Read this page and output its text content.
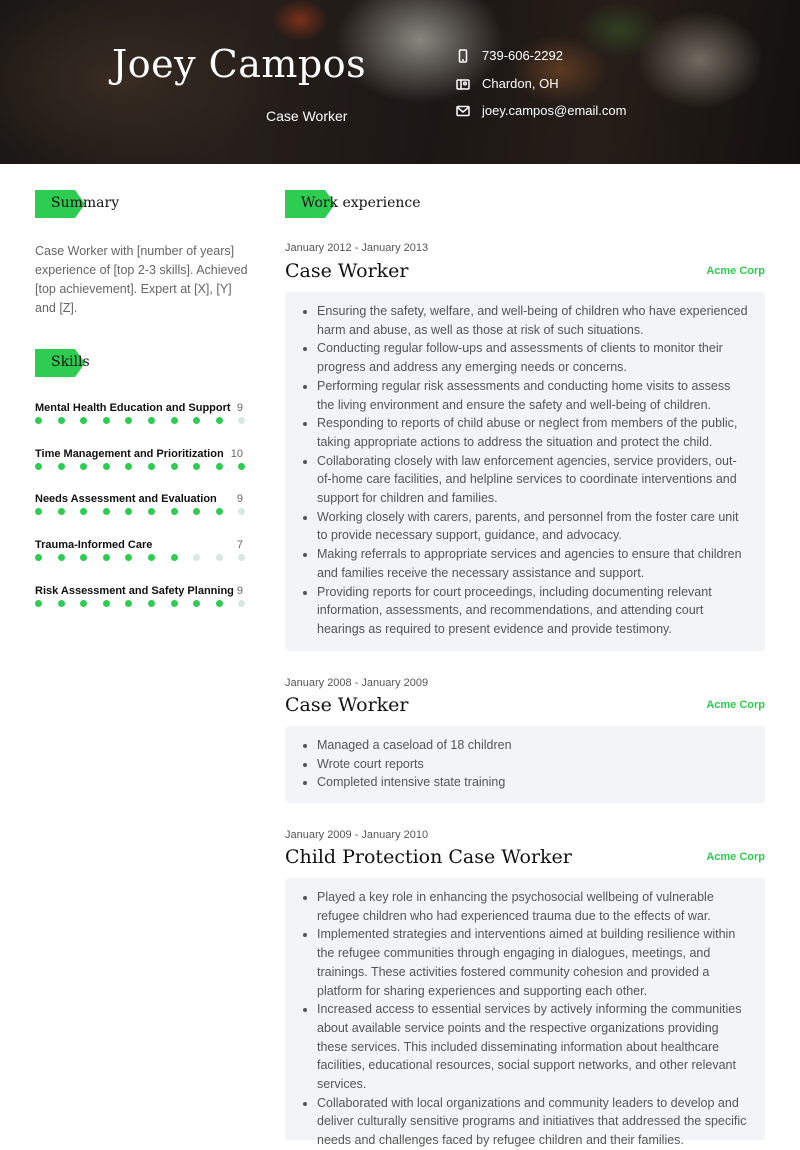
Joey Campos
Case Worker
739-606-2292
Chardon, OH
joey.campos@email.com
Summary
Case Worker with [number of years] experience of [top 2-3 skills]. Achieved [top achievement]. Expert at [X], [Y] and [Z].
Skills
Mental Health Education and Support 9
Time Management and Prioritization 10
Needs Assessment and Evaluation	9
Trauma-Informed Care	7
Risk Assessment and Safety Planning 9
Work experience
January 2012 - January 2013
Case Worker	Acme Corp
• Ensuring the safety, welfare, and well-being of children who have experienced harm and abuse, as well as those at risk of such situations.
• Conducting regular follow-ups and assessments of clients to monitor their progress and address any emerging needs or concerns.
• Performing regular risk assessments and conducting home visits to assess the living environment and ensure the safety and well-being of children.
• Responding to reports of child abuse or neglect from members of the public, taking appropriate actions to address the situation and protect the child.
• Collaborating closely with law enforcement agencies, service providers, out-of-home care facilities, and helpline services to coordinate interventions and support for children and families.
• Working closely with carers, parents, and personnel from the foster care unit to provide necessary support, guidance, and advocacy.
• Making referrals to appropriate services and agencies to ensure that children and families receive the necessary assistance and support.
• Providing reports for court proceedings, including documenting relevant information, assessments, and recommendations, and attending court hearings as required to present evidence and provide testimony.
January 2008 - January 2009
Case Worker	Acme Corp
• Managed a caseload of 18 children
• Wrote court reports
• Completed intensive state training
January 2009 - January 2010
Child Protection Case Worker	Acme Corp
• Played a key role in enhancing the psychosocial wellbeing of vulnerable refugee children who had experienced trauma due to the effects of war.
• Implemented strategies and interventions aimed at building resilience within the refugee communities through engaging in dialogues, meetings, and trainings. These activities fostered community cohesion and provided a platform for sharing experiences and supporting each other.
• Increased access to essential services by actively informing the communities about available service points and the respective organizations providing these services. This included disseminating information about healthcare facilities, educational resources, social support networks, and other relevant services.
• Collaborated with local organizations and community leaders to develop and deliver culturally sensitive programs and initiatives that addressed the specific needs and challenges faced by refugee children and their families.
